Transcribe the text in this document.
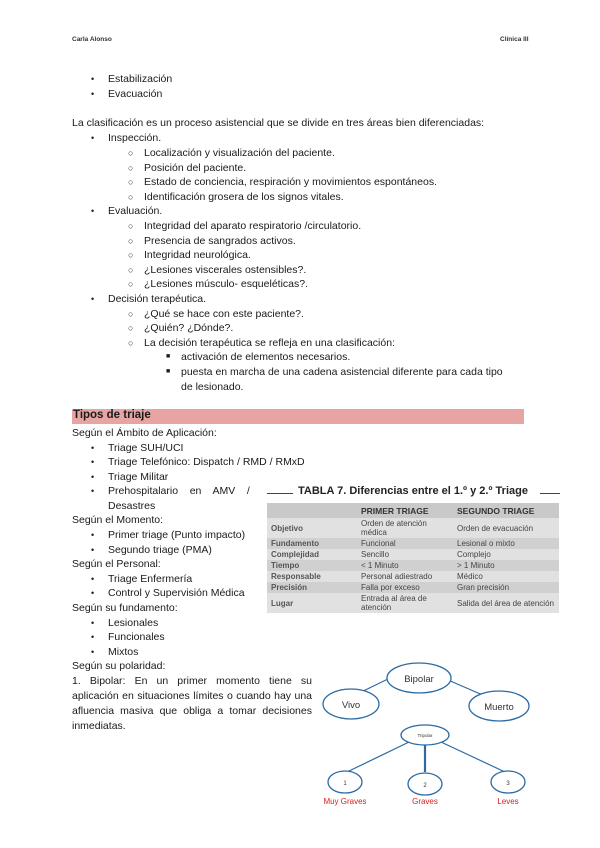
Carla Alonso	Clínica III
• Estabilización
• Evacuación
La clasificación es un proceso asistencial que se divide en tres áreas bien diferenciadas:
• Inspección.
○ Localización y visualización del paciente.
○ Posición del paciente.
○ Estado de conciencia, respiración y movimientos espontáneos.
○ Identificación grosera de los signos vitales.
• Evaluación.
○ Integridad del aparato respiratorio /circulatorio.
○ Presencia de sangrados activos.
○ Integridad neurológica.
○ ¿Lesiones viscerales ostensibles?.
○ ¿Lesiones músculo- esqueléticas?.
• Decisión terapéutica.
○ ¿Qué se hace con este paciente?.
○ ¿Quién? ¿Dónde?.
○ La decisión terapéutica se refleja en una clasificación:
■ activación de elementos necesarios.
■ puesta en marcha de una cadena asistencial diferente para cada tipo
de lesionado.
Tipos de triaje
Según el Ámbito de Aplicación:
• Triage SUH/UCI
• Triage Telefónico: Dispatch / RMD / RMxD
• Triage Militar
• Prehospitalario    en    AMV    /
Desastres
Según el Momento:
• Primer triage (Punto impacto)
• Segundo triage (PMA)
Según el Personal:
• Triage Enfermería
• Control y Supervisión Médica
Según su fundamento:
• Lesionales
• Funcionales
• Mixtos
Según su polaridad:
1. Bipolar: En un primer momento tiene su aplicación en situaciones límites o cuando hay una afluencia masiva que obliga a tomar decisiones inmediatas.
TABLA 7. Diferencias entre el 1.º y 2.º Triage
	PRIMER TRIAGE	SEGUNDO TRIAGE
Objetivo	Orden de atención médica	Orden de evacuación
Fundamento	Funcional	Lesional o mixto
Complejidad	Sencillo	Complejo
Tiempo	< 1 Minuto	> 1 Minuto
Responsable	Personal adiestrado	Médico
Precisión	Falla por exceso	Gran precisión
Lugar	Entrada al área de atención	Salida del área de atención
Bipolar
Vivo	Muerto
Tripolar
1	2	3
Muy Graves	Graves	Leves
